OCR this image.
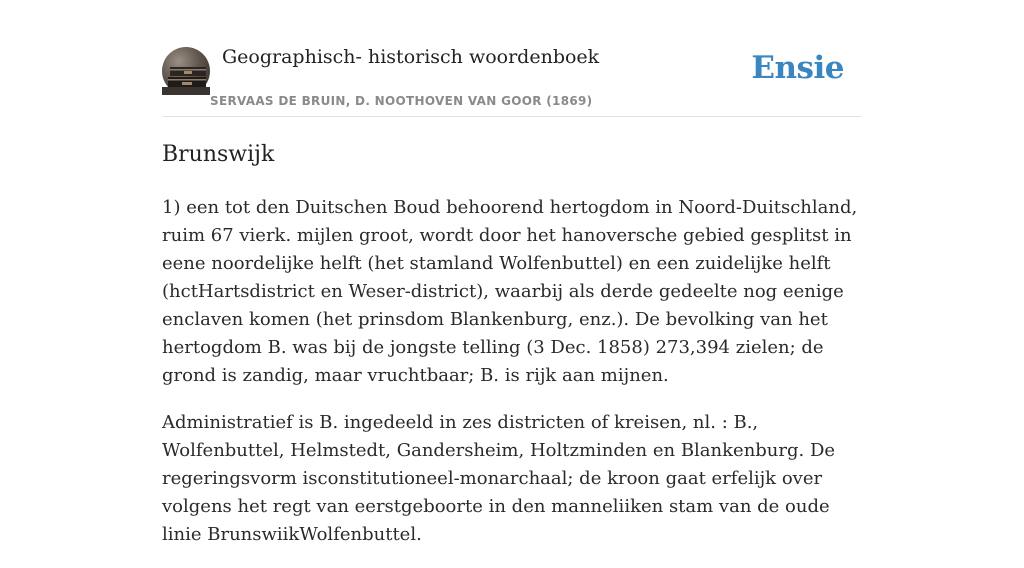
Geographisch- historisch woordenboek
SERVAAS DE BRUIN, D. NOOTHOVEN VAN GOOR (1869)
Ensie
Brunswijk

1) een tot den Duitschen Boud behoorend hertogdom in Noord-Duitschland, ruim 67 vierk. mijlen groot, wordt door het hanoversche gebied gesplitst in eene noordelijke helft (het stamland Wolfenbuttel) en een zuidelijke helft (hctHartsdistrict en Weser-district), waarbij als derde gedeelte nog eenige enclaven komen (het prinsdom Blankenburg, enz.). De bevolking van het hertogdom B. was bij de jongste telling (3 Dec. 1858) 273,394 zielen; de grond is zandig, maar vruchtbaar; B. is rijk aan mijnen.

Administratief is B. ingedeeld in zes districten of kreisen, nl. : B., Wolfenbuttel, Helmstedt, Gandersheim, Holtzminden en Blankenburg. De regeringsvorm isconstitutioneel-monarchaal; de kroon gaat erfelijk over volgens het regt van eerstgeboorte in den manneliiken stam van de oude linie BrunswiikWolfenbuttel.
